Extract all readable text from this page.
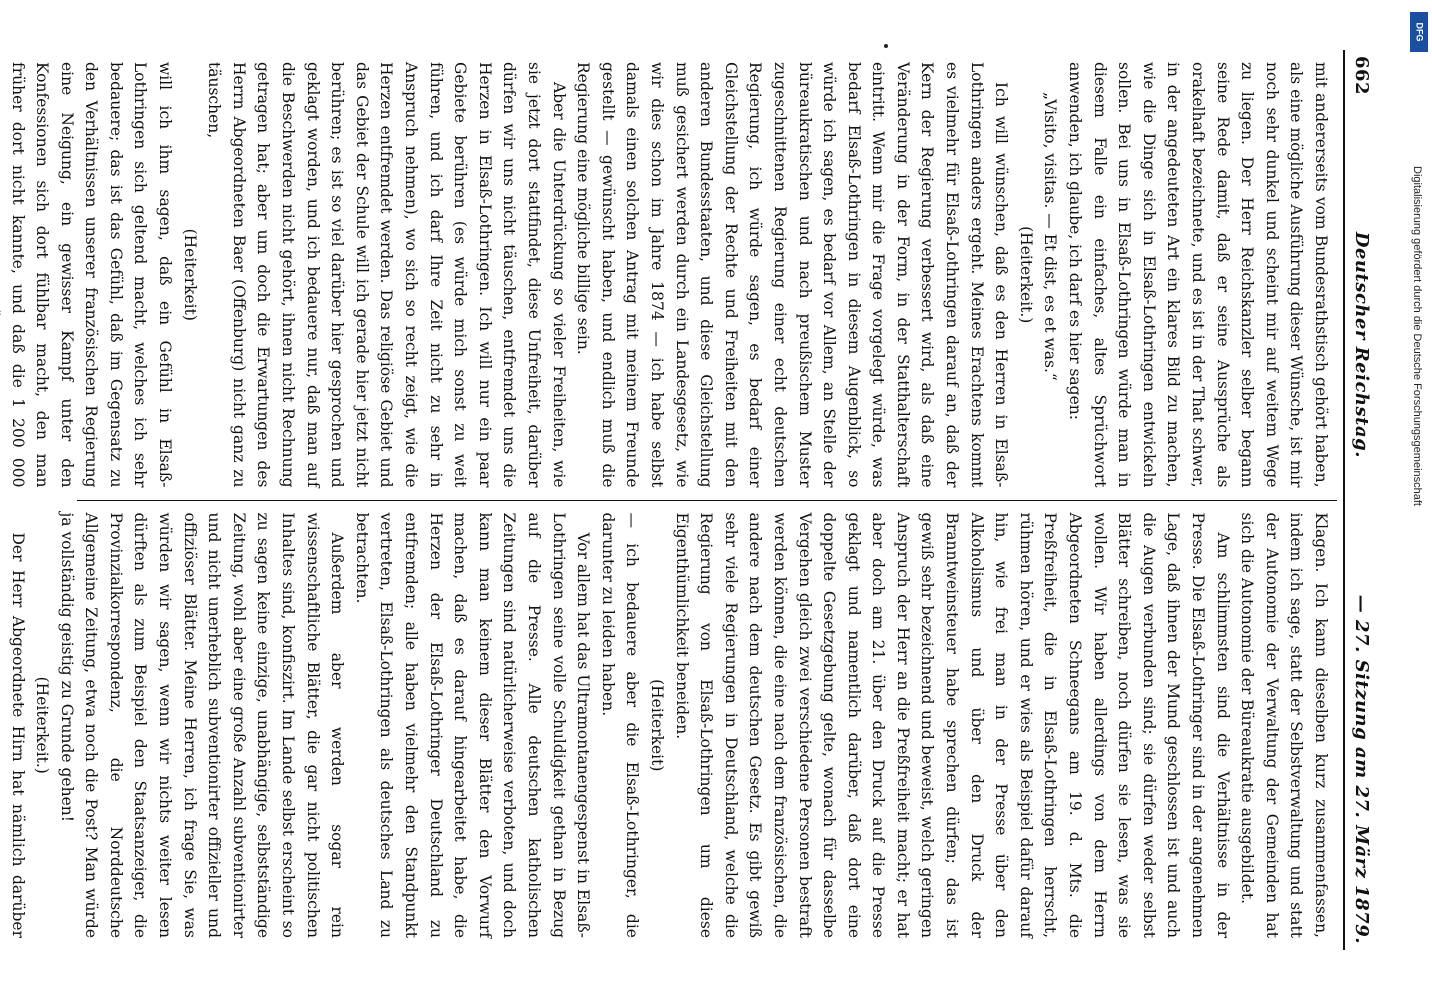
662
Deutscher Reichstag.
— 27. Sitzung am 27. März 1879.

mit andererseits vom Bundesrathstisch gehört haben, als eine mögliche Ausführung dieser Wünsche, ist mir noch sehr dunkel und scheint mir auf weitem Wege zu liegen. Der Herr Reichskanzler selber begann seine Rede damit, daß er seine Aussprüche als orakelhaft bezeichnete, und es ist in der That schwer, in der angedeuteten Art ein klares Bild zu machen, wie die Dinge sich in Elsaß-Lothringen entwickeln sollen. Bei uns in Elsaß-Lothringen würde man in diesem Falle ein einfaches, altes Sprüchwort anwenden, ich glaube, ich darf es hier sagen:

„Visito, visitas. — Et dist, es et was.“

(Heiterkeit.)

Ich will wünschen, daß es den Herren in Elsaß-Lothringen anders ergeht. Meines Erachtens kommt es vielmehr für Elsaß-Lothringen darauf an, daß der Kern der Regierung verbessert wird, als daß eine Veränderung in der Form, in der Statthalterschaft eintritt. Wenn mir die Frage vorgelegt würde, was bedarf Elsaß-Lothringen in diesem Augenblick, so würde ich sagen, es bedarf vor Allem, an Stelle der büreaukratischen und nach preußischem Muster zugeschnittenen Regierung einer echt deutschen Regierung, ich würde sagen, es bedarf einer Gleichstellung der Rechte und Freiheiten mit den anderen Bundesstaaten, und diese Gleichstellung muß gesichert werden durch ein Landesgesetz, wie wir dies schon im Jahre 1874 — ich habe selbst damals einen solchen Antrag mit meinem Freunde gestellt — gewünscht haben, und endlich muß die Regierung eine mögliche billige sein.

Aber die Unterdrückung so vieler Freiheiten, wie sie jetzt dort stattfindet, diese Unfreiheit, darüber dürfen wir uns nicht täuschen, entfremdet uns die Herzen in Elsaß-Lothringen. Ich will nur ein paar Gebiete berühren (es würde mich sonst zu weit führen, und ich darf Ihre Zeit nicht zu sehr in Anspruch nehmen), wo sich so recht zeigt, wie die Herzen entfremdet werden. Das religiöse Gebiet und das Gebiet der Schule will ich gerade hier jetzt nicht berühren; es ist so viel darüber hier gesprochen und geklagt worden, und ich bedauere nur, daß man auf die Beschwerden nicht gehört, ihnen nicht Rechnung getragen hat; aber um doch die Erwartungen des Herrn Abgeordneten Baer (Offenburg) nicht ganz zu täuschen,

(Heiterkeit)

will ich ihm sagen, daß ein Gefühl in Elsaß-Lothringen sich geltend macht, welches ich sehr bedauere; das ist das Gefühl, daß im Gegensatz zu den Verhältnissen unserer französischen Regierung eine Neigung, ein gewisser Kampf unter den Konfessionen sich dort fühlbar macht, den man früher dort nicht kannte, und daß die 1 200 000

Klagen. Ich kann dieselben kurz zusammenfassen, indem ich sage, statt der Selbstverwaltung und statt der Autonomie der Verwaltung der Gemeinden hat sich die Autonomie der Büreaukratie ausgebildet.

Am schlimmsten sind die Verhältnisse in der Presse. Die Elsaß-Lothringer sind in der angenehmen Lage, daß ihnen der Mund geschlossen ist und auch die Augen verbunden sind; sie dürfen weder selbst Blätter schreiben, noch dürfen sie lesen, was sie wollen. Wir haben allerdings von dem Herrn Abgeordneten Schneegans am 19. d. Mts. die Preßfreiheit, die in Elsaß-Lothringen herrscht, rühmen hören, und er wies als Beispiel dafür darauf hin, wie frei man in der Presse über den Alkoholismus und über den Druck der Branntweinsteuer habe sprechen dürfen; das ist gewiß sehr bezeichnend und beweist, welch geringen Anspruch der Herr an die Preßfreiheit macht; er hat aber doch am 21. über den Druck auf die Presse geklagt und namentlich darüber, daß dort eine doppelte Gesetzgebung gelte, wonach für dasselbe Vergehen gleich zwei verschiedene Personen bestraft werden können, die eine nach dem französischen, die andere nach dem deutschen Gesetz. Es gibt gewiß sehr viele Regierungen in Deutschland, welche die Regierung von Elsaß-Lothringen um diese Eigenthümlichkeit beneiden.

(Heiterkeit)

— ich bedauere aber die Elsaß-Lothringer, die darunter zu leiden haben.

Vor allem hat das Ultramontanengespenst in Elsaß-Lothringen seine volle Schuldigkeit gethan in Bezug auf die Presse. Alle deutschen katholischen Zeitungen sind natürlicherweise verboten, und doch kann man keinem dieser Blätter den Vorwurf machen, daß es darauf hingearbeitet habe, die Herzen der Elsaß-Lothringer Deutschland zu entfremden; alle haben vielmehr den Standpunkt vertreten, Elsaß-Lothringen als deutsches Land zu betrachten.

Außerdem aber werden sogar rein wissenschaftliche Blätter, die gar nicht politischen Inhaltes sind, konfiszirt. Im Lande selbst erscheint so zu sagen keine einzige, unabhängige, selbstständige Zeitung, wohl aber eine große Anzahl subventionirter und nicht unerheblich subventionirter offizieller und offiziöser Blätter. Meine Herren, ich frage Sie, was würden wir sagen, wenn wir nichts weiter lesen dürften als zum Beispiel den Staatsanzeiger, die Provinzialkorrespondenz, die Norddeutsche Allgemeine Zeitung, etwa noch die Post? Man würde ja vollständig geistig zu Grunde gehen!

(Heiterkeit.)

Der Herr Abgeordnete Hirn hat nämlich darüber

DFG
Digitalisierung gefördert durch die Deutsche Forschungsgemeinschaft
